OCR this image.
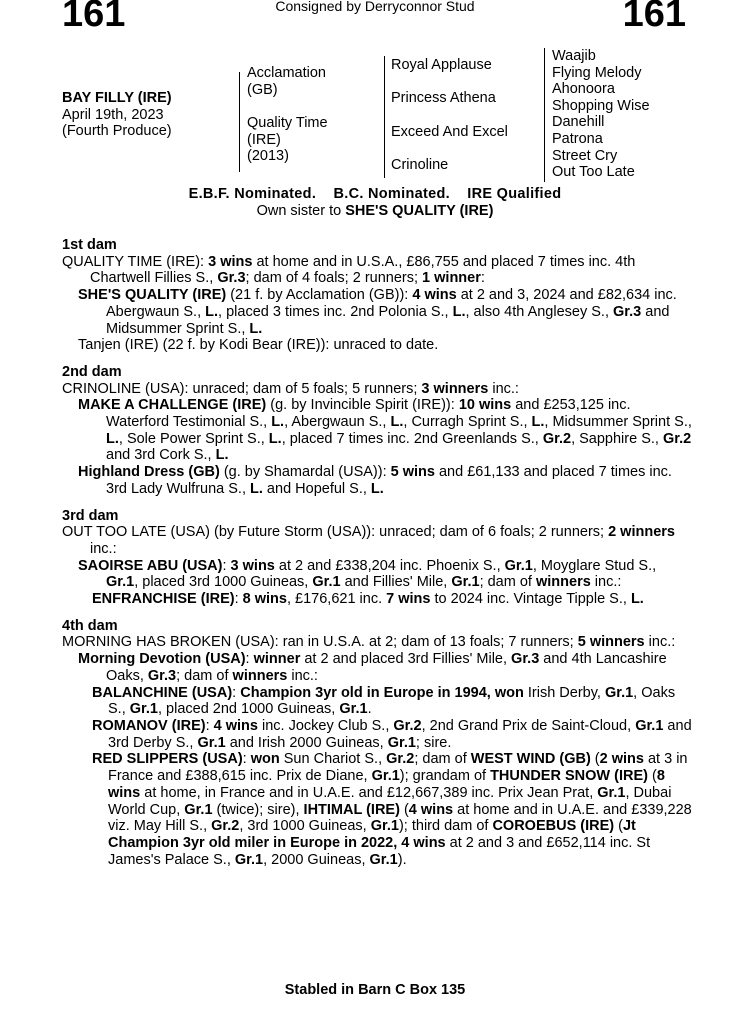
161	Consigned by Derryconnor Stud	161
BAY FILLY (IRE)
April 19th, 2023
(Fourth Produce)
Acclamation
(GB)
Quality Time
(IRE)
(2013)
Royal Applause
Princess Athena
Exceed And Excel
Crinoline
Waajib
Flying Melody
Ahonoora
Shopping Wise
Danehill
Patrona
Street Cry
Out Too Late
E.B.F. Nominated.    B.C. Nominated.    IRE Qualified
Own sister to SHE'S QUALITY (IRE)
1st dam
QUALITY TIME (IRE): 3 wins at home and in U.S.A., £86,755 and placed 7 times inc. 4th Chartwell Fillies S., Gr.3; dam of 4 foals; 2 runners; 1 winner:
SHE'S QUALITY (IRE) (21 f. by Acclamation (GB)): 4 wins at 2 and 3, 2024 and £82,634 inc. Abergwaun S., L., placed 3 times inc. 2nd Polonia S., L., also 4th Anglesey S., Gr.3 and Midsummer Sprint S., L.
Tanjen (IRE) (22 f. by Kodi Bear (IRE)): unraced to date.
2nd dam
CRINOLINE (USA): unraced; dam of 5 foals; 5 runners; 3 winners inc.:
MAKE A CHALLENGE (IRE) (g. by Invincible Spirit (IRE)): 10 wins and £253,125 inc. Waterford Testimonial S., L., Abergwaun S., L., Curragh Sprint S., L., Midsummer Sprint S., L., Sole Power Sprint S., L., placed 7 times inc. 2nd Greenlands S., Gr.2, Sapphire S., Gr.2 and 3rd Cork S., L.
Highland Dress (GB) (g. by Shamardal (USA)): 5 wins and £61,133 and placed 7 times inc. 3rd Lady Wulfruna S., L. and Hopeful S., L.
3rd dam
OUT TOO LATE (USA) (by Future Storm (USA)): unraced; dam of 6 foals; 2 runners; 2 winners inc.:
SAOIRSE ABU (USA): 3 wins at 2 and £338,204 inc. Phoenix S., Gr.1, Moyglare Stud S., Gr.1, placed 3rd 1000 Guineas, Gr.1 and Fillies' Mile, Gr.1; dam of winners inc.:
ENFRANCHISE (IRE): 8 wins, £176,621 inc. 7 wins to 2024 inc. Vintage Tipple S., L.
4th dam
MORNING HAS BROKEN (USA): ran in U.S.A. at 2; dam of 13 foals; 7 runners; 5 winners inc.:
Morning Devotion (USA): winner at 2 and placed 3rd Fillies' Mile, Gr.3 and 4th Lancashire Oaks, Gr.3; dam of winners inc.:
BALANCHINE (USA): Champion 3yr old in Europe in 1994, won Irish Derby, Gr.1, Oaks S., Gr.1, placed 2nd 1000 Guineas, Gr.1.
ROMANOV (IRE): 4 wins inc. Jockey Club S., Gr.2, 2nd Grand Prix de Saint-Cloud, Gr.1 and 3rd Derby S., Gr.1 and Irish 2000 Guineas, Gr.1; sire.
RED SLIPPERS (USA): won Sun Chariot S., Gr.2; dam of WEST WIND (GB) (2 wins at 3 in France and £388,615 inc. Prix de Diane, Gr.1); grandam of THUNDER SNOW (IRE) (8 wins at home, in France and in U.A.E. and £12,667,389 inc. Prix Jean Prat, Gr.1, Dubai World Cup, Gr.1 (twice); sire), IHTIMAL (IRE) (4 wins at home and in U.A.E. and £339,228 viz. May Hill S., Gr.2, 3rd 1000 Guineas, Gr.1); third dam of COROEBUS (IRE) (Jt Champion 3yr old miler in Europe in 2022, 4 wins at 2 and 3 and £652,114 inc. St James's Palace S., Gr.1, 2000 Guineas, Gr.1).
Stabled in Barn C Box 135
